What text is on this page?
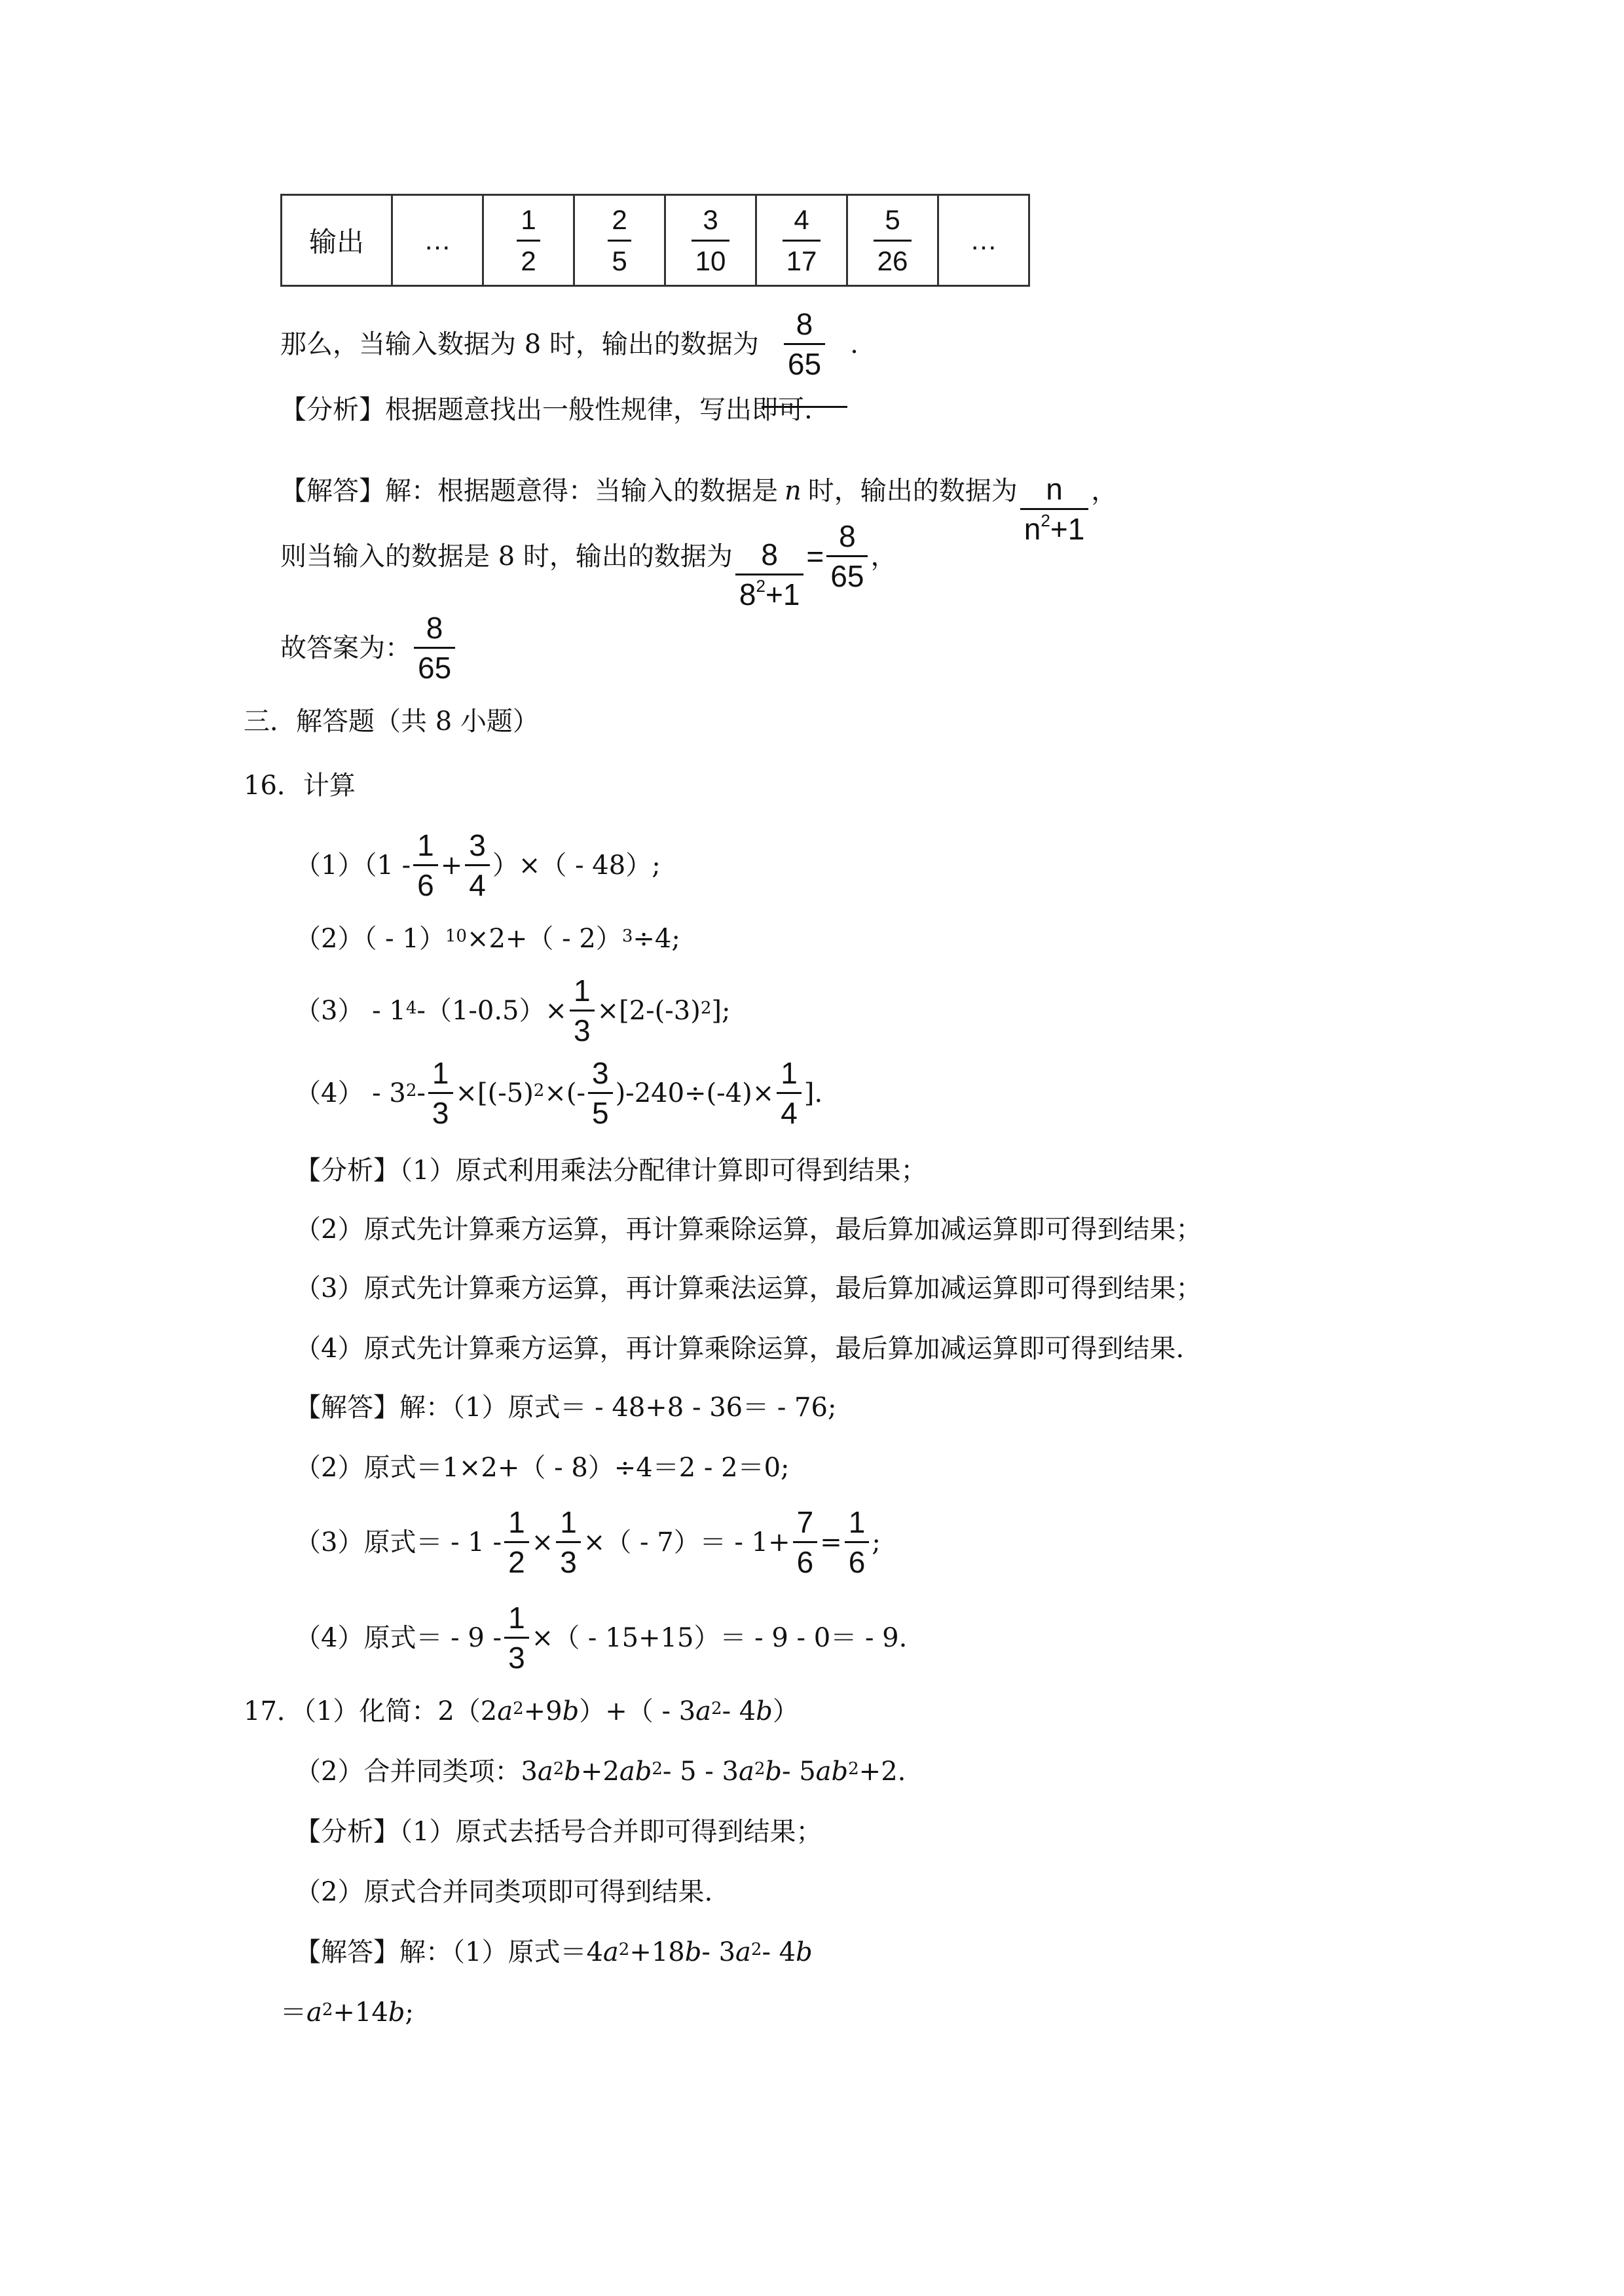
输出	…	$\frac{1}{2}$	$\frac{2}{5}$	$\frac{3}{10}$	$\frac{4}{17}$	$\frac{5}{26}$	…
那么，当输入数据为 8 时，输出的数据为 $\frac{8}{65}$ .
【分析】根据题意找出一般性规律，写出即可.
【解答】解：根据题意得：当输入的数据是 n 时，输出的数据为 $\frac{n}{n^2+1}$ ，
则当输入的数据是 8 时，输出的数据为 $\frac{8}{8^2+1} = \frac{8}{65}$ ，
故答案为： $\frac{8}{65}$
三．解答题（共 8 小题）
16．计算
$(1)(1 - \frac{1}{6} + \frac{3}{4}$ ）×（ - 48）;
（2）（ - 1）$^{10}$ ×2+（ - 2）$^3$ ÷4;
（3） - 1 $^4$ $-(1-0.5)\times \frac{1}{3} \times[2-(-3)^2$ ];
（4） - 3 $^2 - \frac{1}{3} \times[(-5)^2$ ×(- $\frac{3}{5} )-240\div(-4)\times \frac{1}{4}$ ].
【分析】（1）原式利用乘法分配律计算即可得到结果；
（2）原式先计算乘方运算，再计算乘除运算，最后算加减运算即可得到结果；
（3）原式先计算乘方运算，再计算乘法运算，最后算加减运算即可得到结果；
（4）原式先计算乘方运算，再计算乘除运算，最后算加减运算即可得到结果.
【解答】解：（1）原式＝ - 48+8 - 36＝ - 76;
（2）原式＝1×2+（ - 8）÷4＝2 - 2＝0;
（3）原式＝ - $1 - \frac{1}{2} \times \frac{1}{3}$ ×（ - $7)= - 1+ \frac{7}{6} = \frac{1}{6}$ ;
（4）原式＝ - $9 - \frac{1}{3}$ ×（ - 15+15）＝ - 9 - 0＝ - 9.
17．（1）化简：2（2 $a^2 +9$ b ）+（ - 3 $a^2 - 4$ b ）
（2）合并同类项：3 $a^2$ b +2 $ab^2 - 5 - 3$ $a^2$ b - 5 $ab^2 +2$.
【分析】（1）原式去括号合并即可得到结果；
（2）原式合并同类项即可得到结果.
【解答】解：（1）原式＝4 $a^2 +18$ b - 3 $a^2 - 4$ b
＝ $a^2 +14$ b ;
